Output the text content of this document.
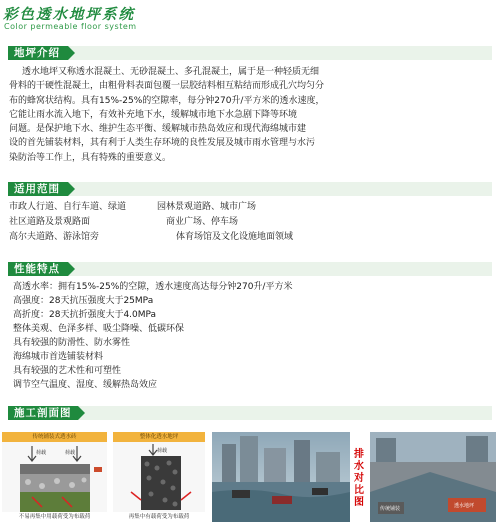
彩色透水地坪系统
Color permeable floor system
地坪介绍
透水地坪又称透水混凝土、无砂混凝土、多孔混凝土，属于是一种轻质无细
骨料的干硬性混凝土，由粗骨料表面包覆一层胶结料相互粘结而形成孔穴均匀分
布的蜂窝状结构。具有15%-25%的空隙率，每分钟270升/平方米的透水速度，
它能让雨水流入地下，有效补充地下水，缓解城市地下水急剧下降等环境
问题。是保护地下水、维护生态平衡、缓解城市热岛效应和现代海绵城市建
设的首先铺装材料，其有利于人类生存环境的良性发展及城市雨水管理与水污
染防治等工作上，具有特殊的重要意义。
适用范围
市政人行道、自行车道、绿道	园林景观道路、城市广场
社区道路及景观路面	商业广场、停车场
高尔夫道路、游泳馆旁	体育场馆及文化设施地面领域
性能特点
高透水率：拥有15%-25%的空隙，透水速度高达每分钟270升/平方米
高强度：28天抗压强度大于25MPa
高折度：28天抗折强度大于4.0MPa
整体美观、色泽多样、吸尘降噪、低碳环保
具有较强的防滑性、防水雾性
海绵城市首选铺装材料
具有较强的艺术性和可塑性
调节空气温度、湿度、缓解热岛效应
施工剖面图
传统铺装式透水砖
荷载	荷载
不易再集中用载荷受为布载荷
整体化透水地坪
荷载
再集中有载荷受为布载荷
排水对比图
传统铺装	透水地坪
